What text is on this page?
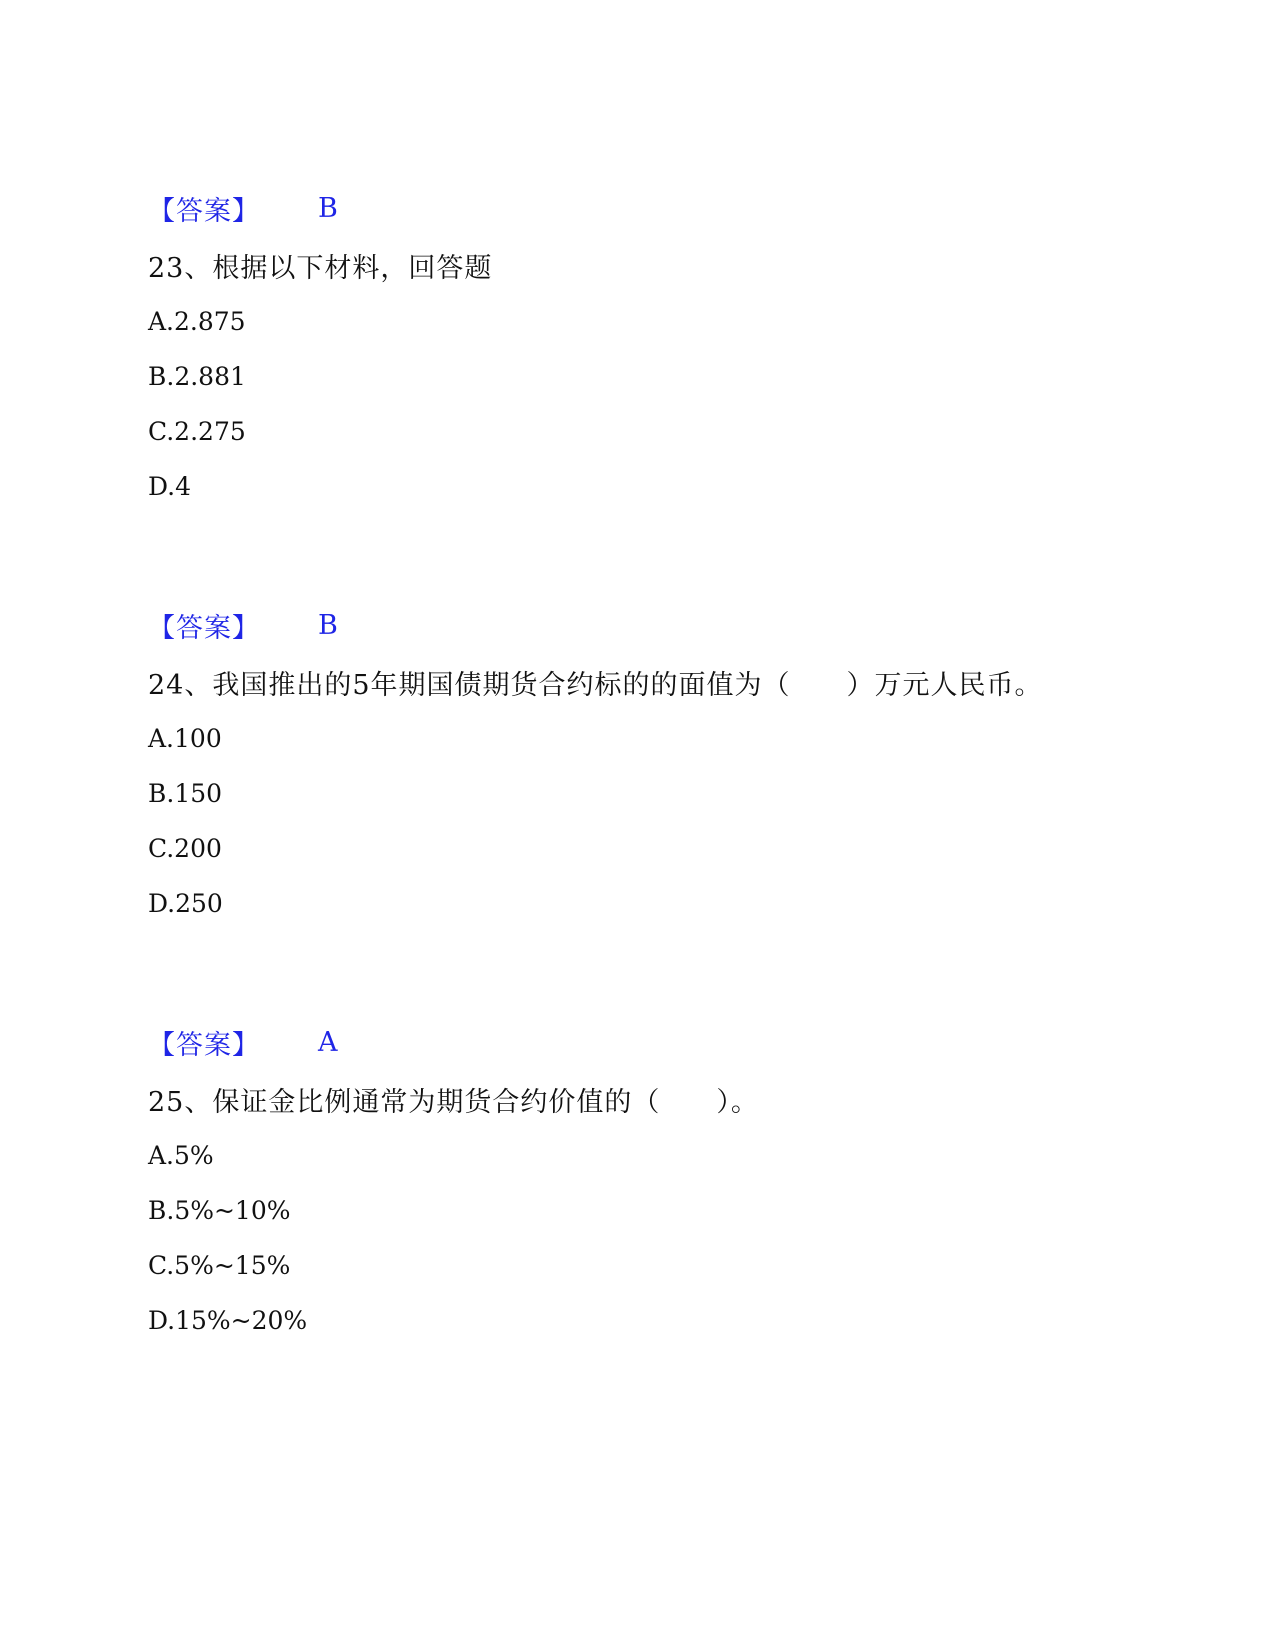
【答案】 B
23、根据以下材料，回答题
A.2.875
B.2.881
C.2.275
D.4
【答案】 B
24、我国推出的5年期国债期货合约标的的面值为（　　）万元人民币。
A.100
B.150
C.200
D.250
【答案】 A
25、保证金比例通常为期货合约价值的（　　）。
A.5%
B.5%~10%
C.5%~15%
D.15%~20%
